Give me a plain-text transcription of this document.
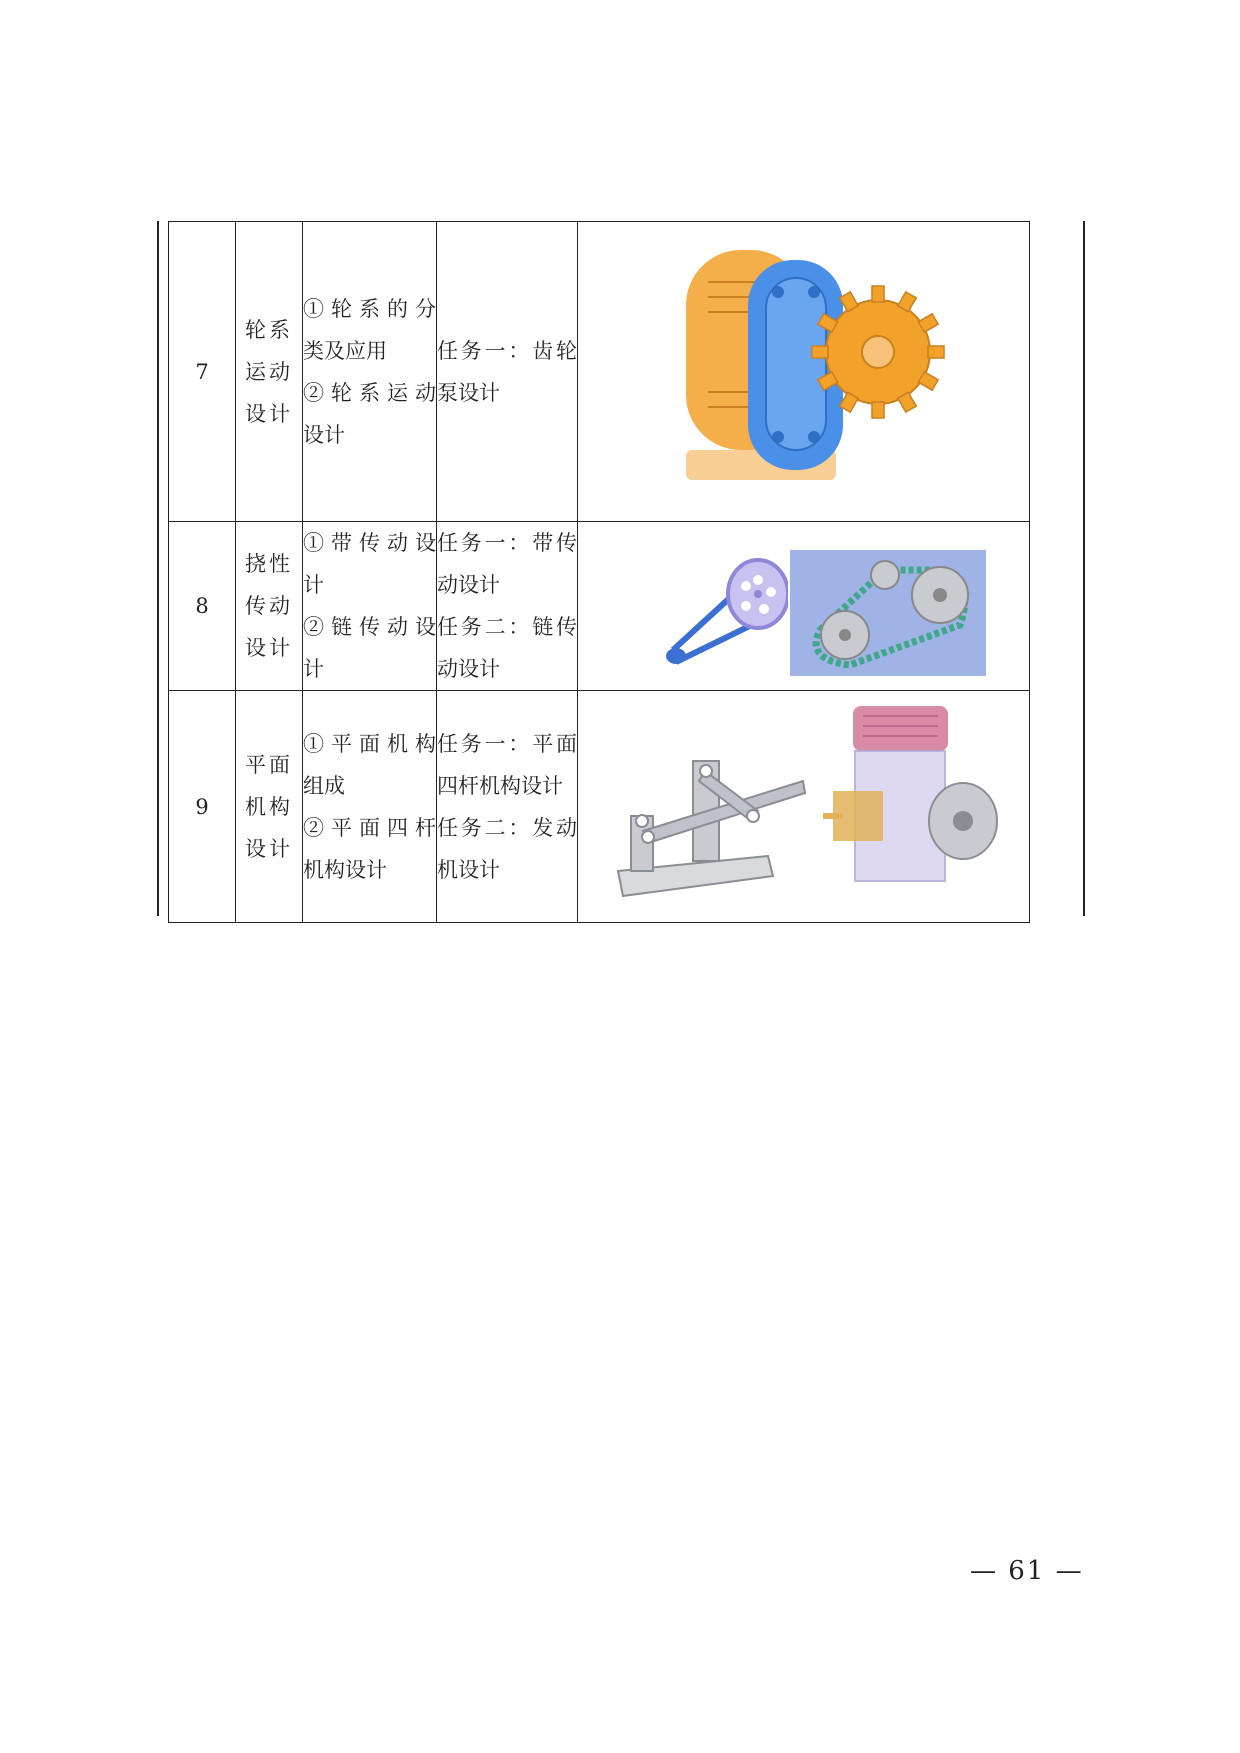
7	轮系
运动
设计	①轮系的分
类及应用
②轮系运动
设计	任务一：齿轮
泵设计

8	挠性
传动
设计	①带传动设
计
②链传动设
计	任务一：带传
动设计
任务二：链传
动设计

9	平面
机构
设计	①平面机构
组成
②平面四杆
机构设计	任务一：平面
四杆机构设计
任务二：发动
机设计

— 61 —
